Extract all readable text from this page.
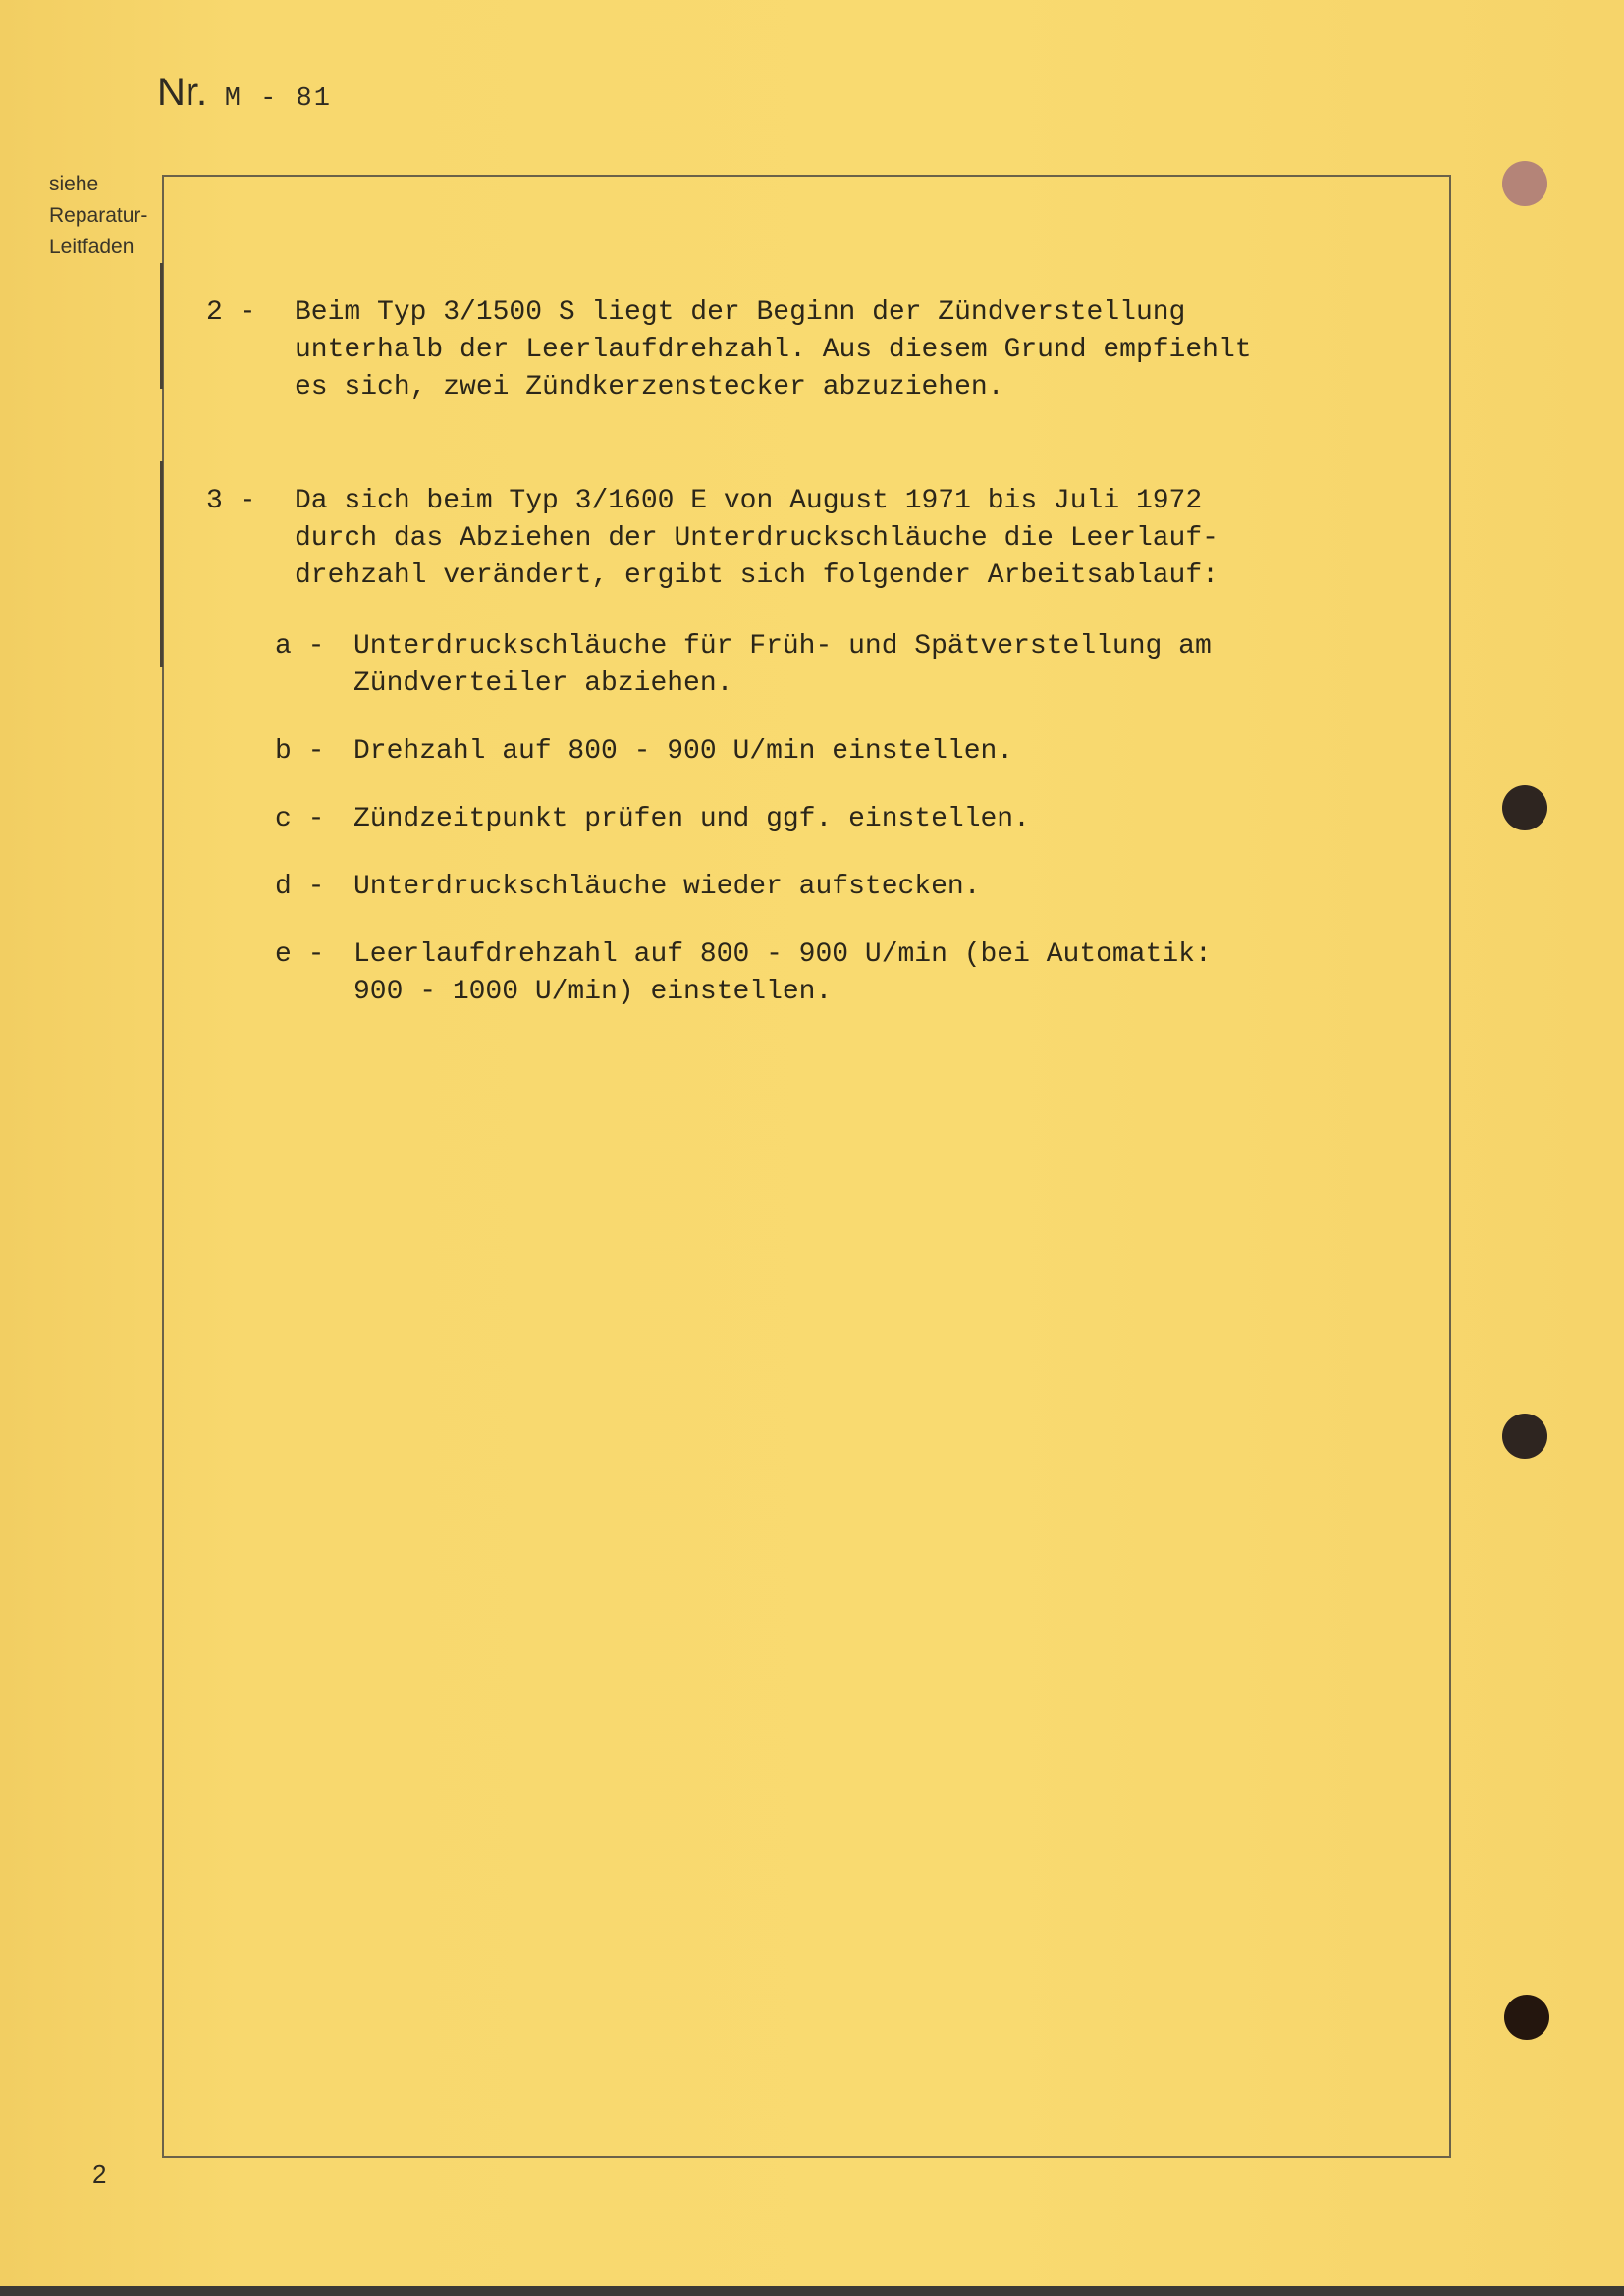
Nr. M - 81
siehe
Reparatur-
Leitfaden
2 -	Beim Typ 3/1500 S liegt der Beginn der Zündverstellung
unterhalb der Leerlaufdrehzahl. Aus diesem Grund empfiehlt
es sich, zwei Zündkerzenstecker abzuziehen.
3 -	Da sich beim Typ 3/1600 E von August 1971 bis Juli 1972
durch das Abziehen der Unterdruckschläuche die Leerlauf-
drehzahl verändert, ergibt sich folgender Arbeitsablauf:
a -	Unterdruckschläuche für Früh- und Spätverstellung am
Zündverteiler abziehen.
b -	Drehzahl auf 800 - 900 U/min einstellen.
c -	Zündzeitpunkt prüfen und ggf. einstellen.
d -	Unterdruckschläuche wieder aufstecken.
e -	Leerlaufdrehzahl auf 800 - 900 U/min (bei Automatik:
900 - 1000 U/min) einstellen.
2
